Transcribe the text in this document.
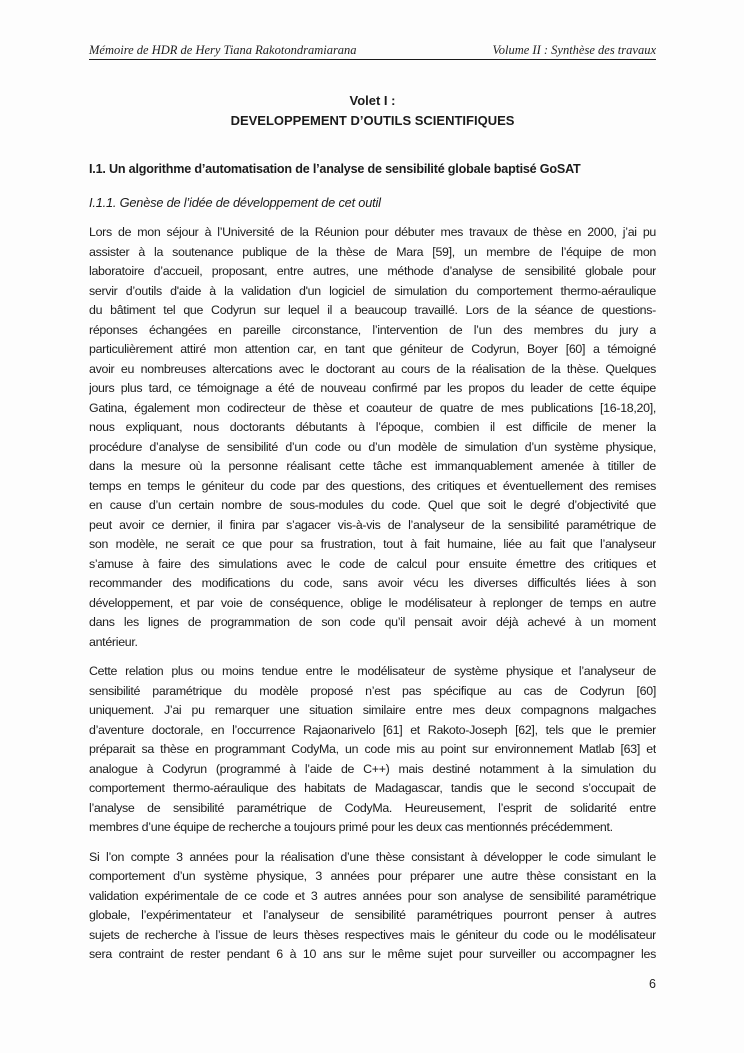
Mémoire de HDR de Hery Tiana Rakotondramiarana	Volume II : Synthèse des travaux
Volet I :
DEVELOPPEMENT D’OUTILS SCIENTIFIQUES
I.1. Un algorithme d’automatisation de l’analyse de sensibilité globale baptisé GoSAT
I.1.1. Genèse de l’idée de développement de cet outil
Lors de mon séjour à l’Université de la Réunion pour débuter mes travaux de thèse en 2000, j’ai pu
assister à la soutenance publique de la thèse de Mara [59], un membre de l’équipe de mon
laboratoire d’accueil, proposant, entre autres, une méthode d’analyse de sensibilité globale pour
servir d’outils d'aide à la validation d'un logiciel de simulation du comportement thermo-aéraulique
du bâtiment tel que Codyrun sur lequel il a beaucoup travaillé. Lors de la séance de questions-
réponses échangées en pareille circonstance, l’intervention de l’un des membres du jury a
particulièrement attiré mon attention car, en tant que géniteur de Codyrun, Boyer [60] a témoigné
avoir eu nombreuses altercations avec le doctorant au cours de la réalisation de la thèse. Quelques
jours plus tard, ce témoignage a été de nouveau confirmé par les propos du leader de cette équipe
Gatina, également mon codirecteur de thèse et coauteur de quatre de mes publications [16-18,20],
nous expliquant, nous doctorants débutants à l’époque, combien il est difficile de mener la
procédure d’analyse de sensibilité d’un code ou d’un modèle de simulation d’un système physique,
dans la mesure où la personne réalisant cette tâche est immanquablement amenée à titiller de
temps en temps le géniteur du code par des questions, des critiques et éventuellement des remises
en cause d’un certain nombre de sous-modules du code. Quel que soit le degré d’objectivité que
peut avoir ce dernier, il finira par s’agacer vis-à-vis de l’analyseur de la sensibilité paramétrique de
son modèle, ne serait ce que pour sa frustration, tout à fait humaine, liée au fait que l’analyseur
s’amuse à faire des simulations avec le code de calcul pour ensuite émettre des critiques et
recommander des modifications du code, sans avoir vécu les diverses difficultés liées à son
développement, et par voie de conséquence, oblige le modélisateur à replonger de temps en autre
dans les lignes de programmation de son code qu’il pensait avoir déjà achevé à un moment
antérieur.
Cette relation plus ou moins tendue entre le modélisateur de système physique et l’analyseur de
sensibilité paramétrique du modèle proposé n’est pas spécifique au cas de Codyrun [60]
uniquement. J’ai pu remarquer une situation similaire entre mes deux compagnons malgaches
d’aventure doctorale, en l’occurrence Rajaonarivelo [61] et Rakoto-Joseph [62], tels que le premier
préparait sa thèse en programmant CodyMa, un code mis au point sur environnement Matlab [63] et
analogue à Codyrun (programmé à l’aide de C++) mais destiné notamment à la simulation du
comportement thermo-aéraulique des habitats de Madagascar, tandis que le second s’occupait de
l’analyse de sensibilité paramétrique de CodyMa. Heureusement, l’esprit de solidarité entre
membres d’une équipe de recherche a toujours primé pour les deux cas mentionnés précédemment.
Si l’on compte 3 années pour la réalisation d’une thèse consistant à développer le code simulant le
comportement d’un système physique, 3 années pour préparer une autre thèse consistant en la
validation expérimentale de ce code et 3 autres années pour son analyse de sensibilité paramétrique
globale, l’expérimentateur et l’analyseur de sensibilité paramétriques pourront penser à autres
sujets de recherche à l’issue de leurs thèses respectives mais le géniteur du code ou le modélisateur
sera contraint de rester pendant 6 à 10 ans sur le même sujet pour surveiller ou accompagner les
6
